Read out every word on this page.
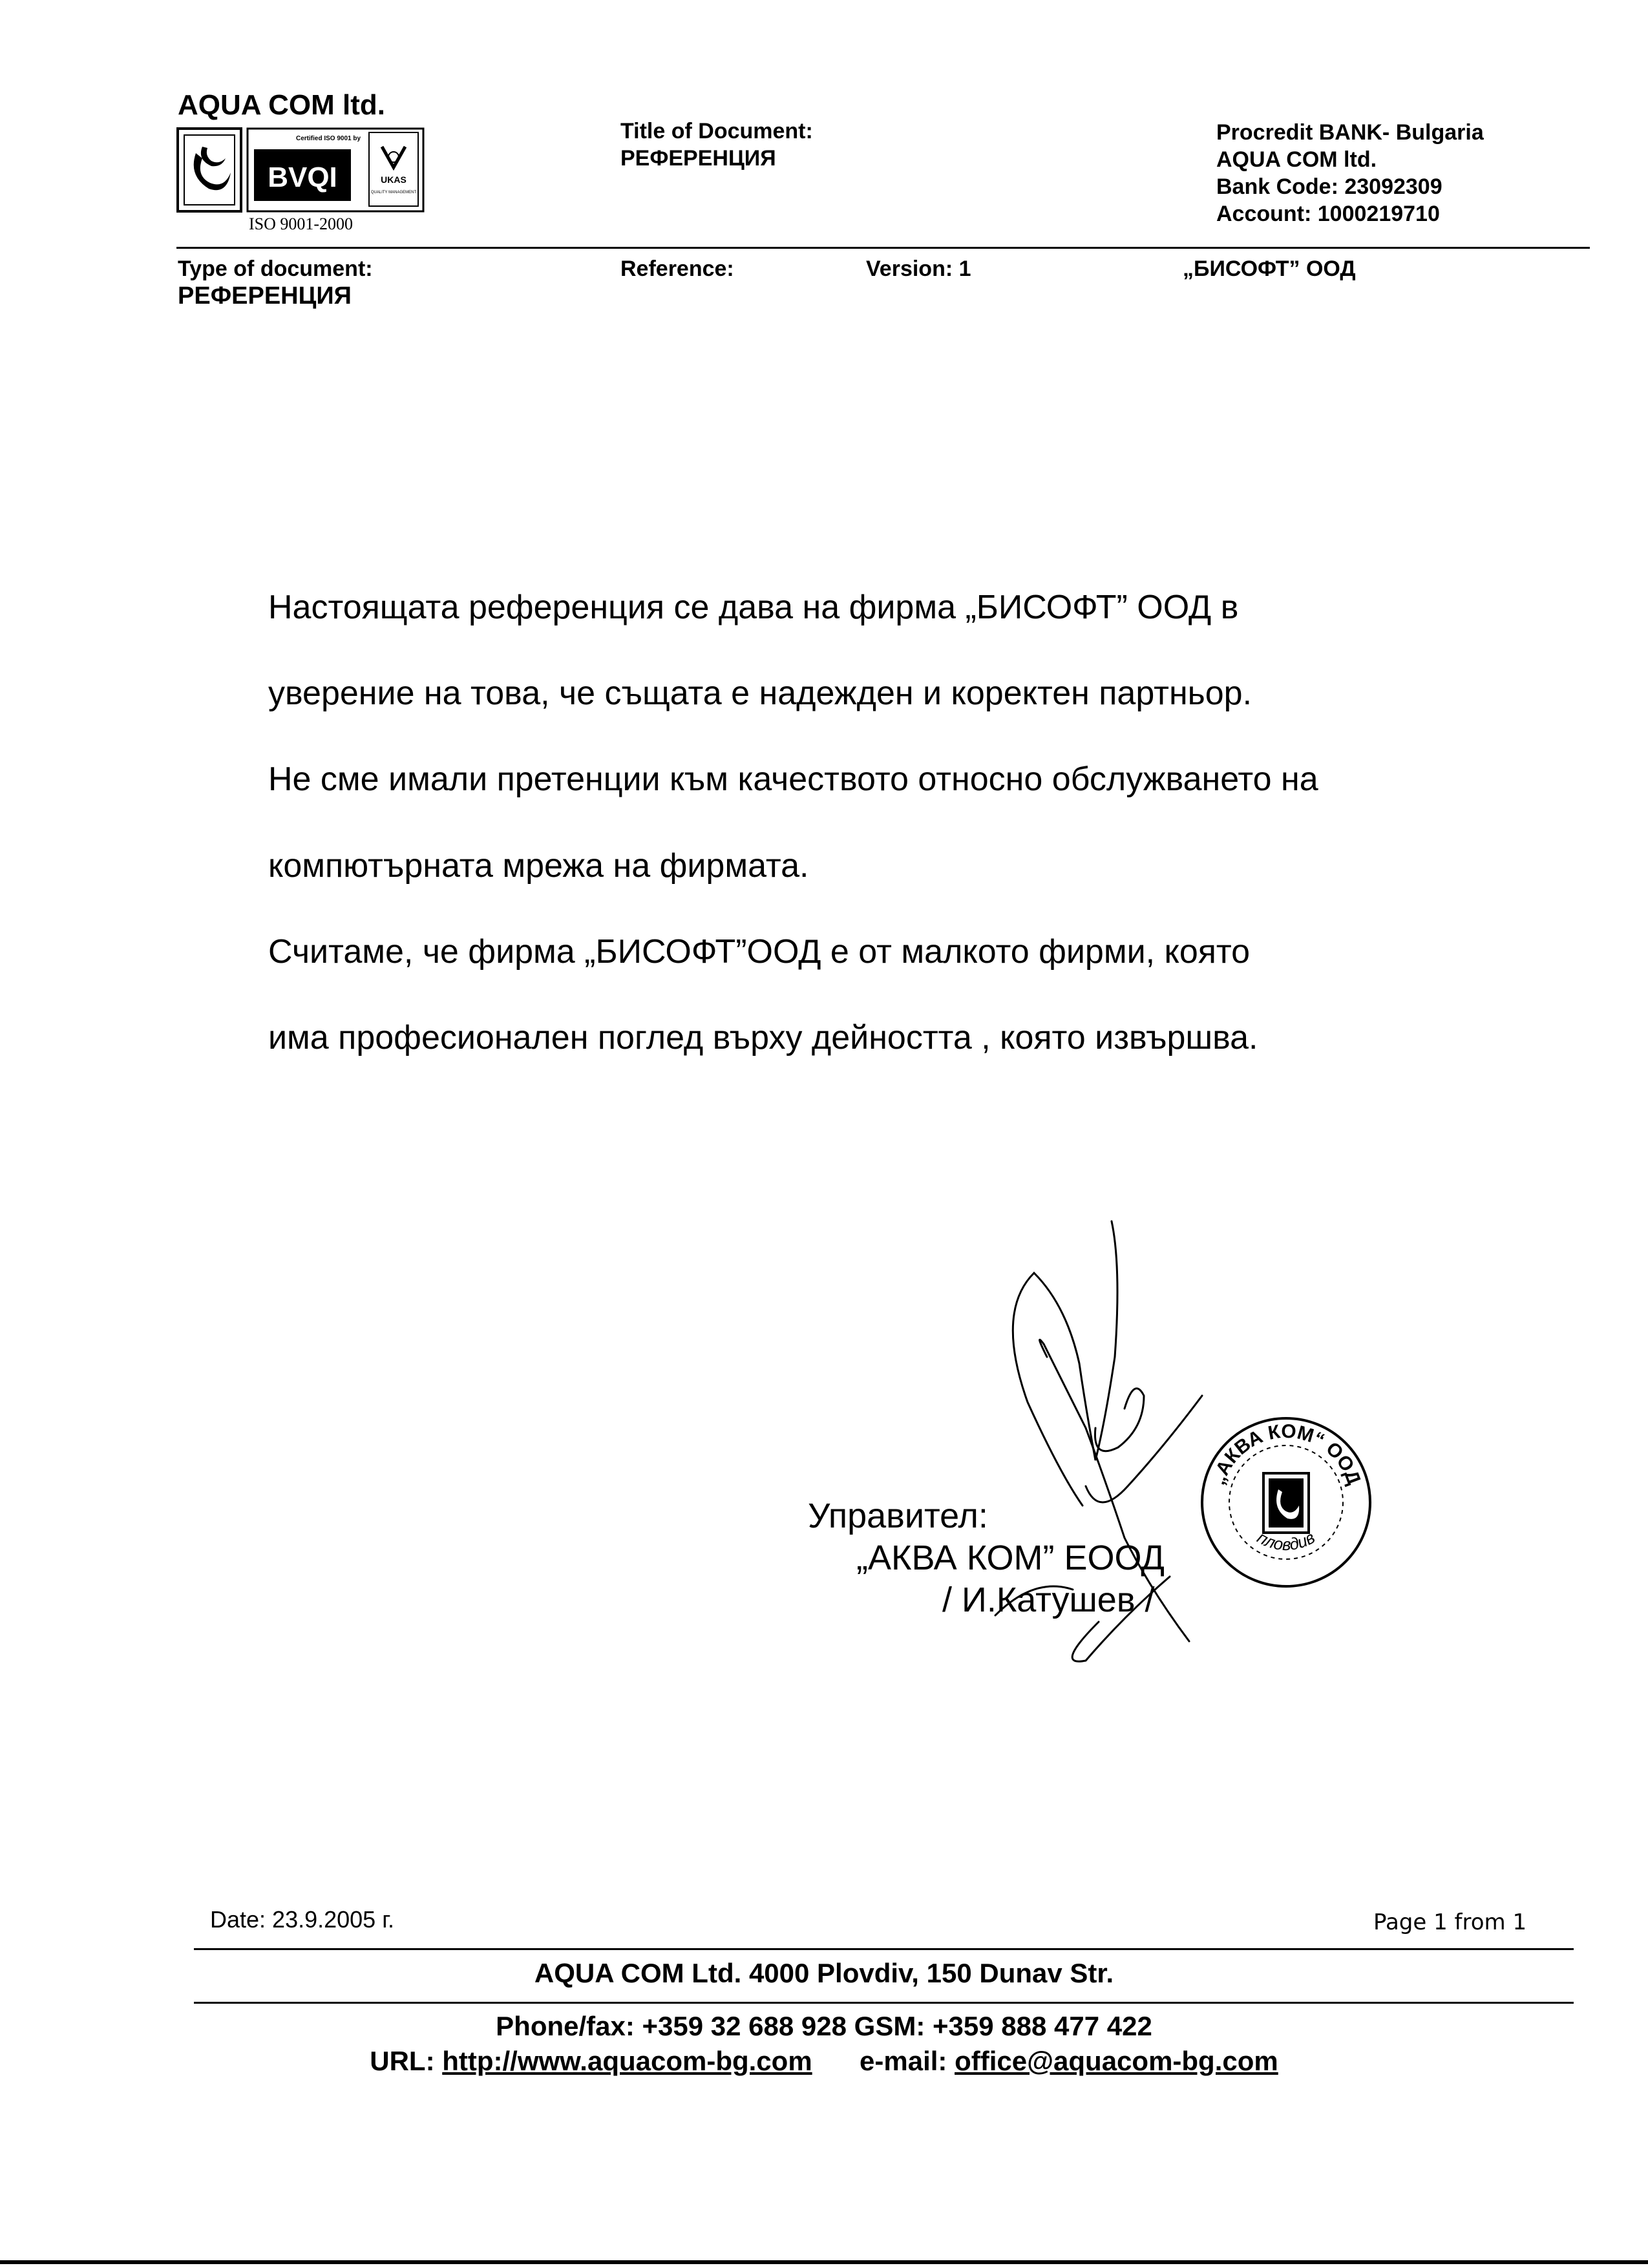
AQUA COM ltd.
Certified ISO 9001 by
BVQI	UKAS
QUALITY MANAGEMENT
ISO 9001-2000
Title of Document:
РЕФЕРЕНЦИЯ
Procredit BANK- Bulgaria
AQUA COM ltd.
Bank Code: 23092309
Account: 1000219710
Type of document:
РЕФЕРЕНЦИЯ
Reference:	Version: 1	„БИСОФТ” ООД
Настоящата референция се дава на фирма „БИСОФТ” ООД в
уверение на това, че същата е надежден и коректен партньор.
Не сме имали претенции към качеството относно обслужването на
компютърната мрежа на фирмата.
Считаме, че фирма „БИСОФТ”ООД е от малкото фирми, която
има професионален поглед върху дейността , която извършва.
Управител:
„АКВА КОМ” ЕООД
/ И.Катушев /
„АКВА КОМ“ ООД
пловдив
Date: 23.9.2005 г.	Page 1 from 1
AQUA COM Ltd. 4000 Plovdiv, 150 Dunav Str.
Phone/fax: +359 32 688 928 GSM: +359 888 477 422
URL: http://www.aquacom-bg.com e-mail: office@aquacom-bg.com
